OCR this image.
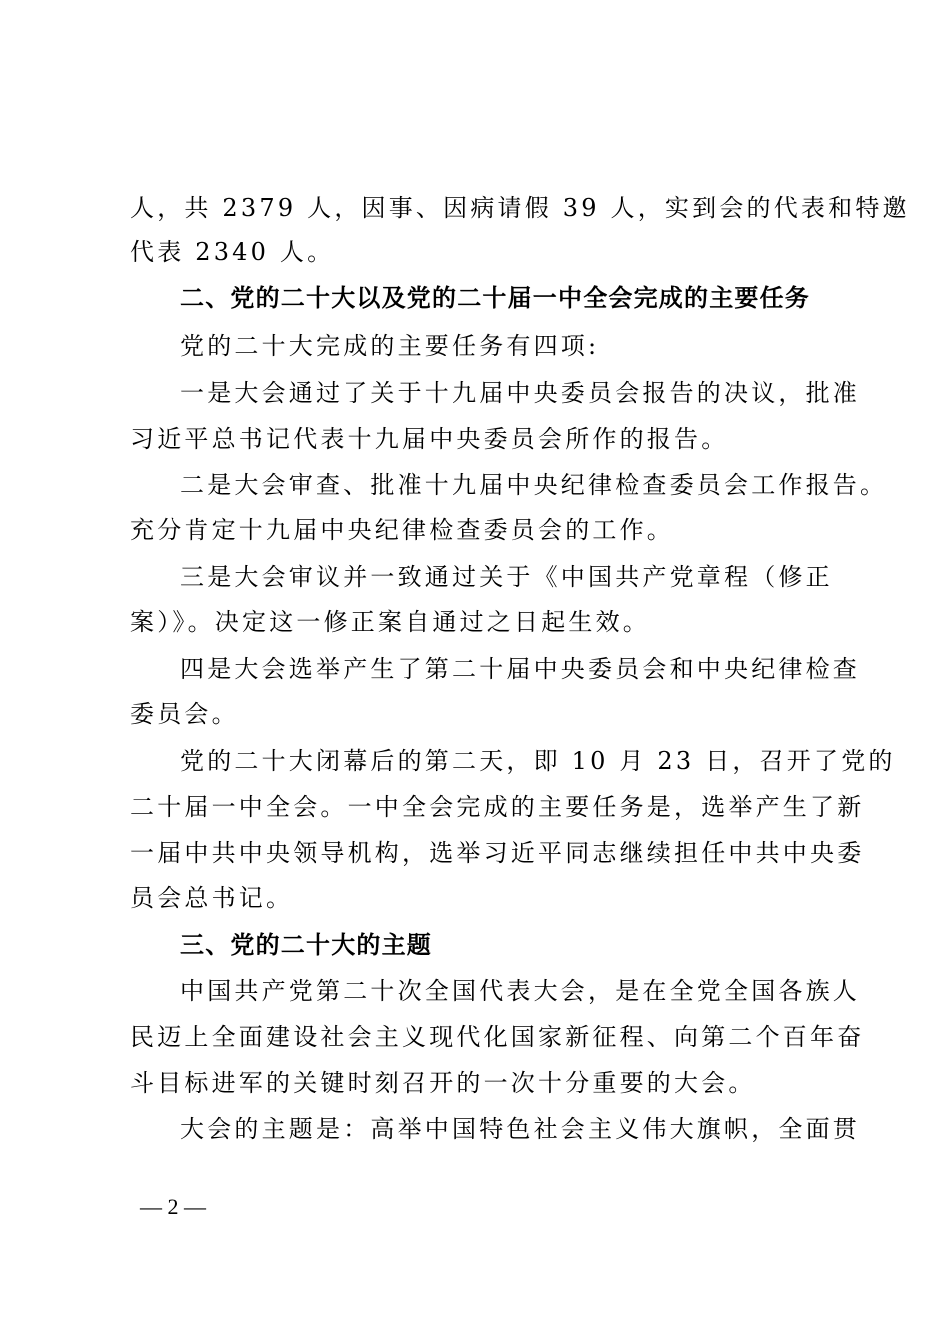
人，共 2379 人，因事、因病请假 39 人，实到会的代表和特邀
代表 2340 人。
二、党的二十大以及党的二十届一中全会完成的主要任务
党的二十大完成的主要任务有四项:
一是大会通过了关于十九届中央委员会报告的决议，批准
习近平总书记代表十九届中央委员会所作的报告。
二是大会审查、批准十九届中央纪律检查委员会工作报告。
充分肯定十九届中央纪律检查委员会的工作。
三是大会审议并一致通过关于《中国共产党章程（修正
案）》。决定这一修正案自通过之日起生效。
四是大会选举产生了第二十届中央委员会和中央纪律检查
委员会。
党的二十大闭幕后的第二天，即 10 月 23 日，召开了党的
二十届一中全会。一中全会完成的主要任务是，选举产生了新
一届中共中央领导机构，选举习近平同志继续担任中共中央委
员会总书记。
三、党的二十大的主题
中国共产党第二十次全国代表大会，是在全党全国各族人
民迈上全面建设社会主义现代化国家新征程、向第二个百年奋
斗目标进军的关键时刻召开的一次十分重要的大会。
大会的主题是：高举中国特色社会主义伟大旗帜，全面贯
— 2 —
